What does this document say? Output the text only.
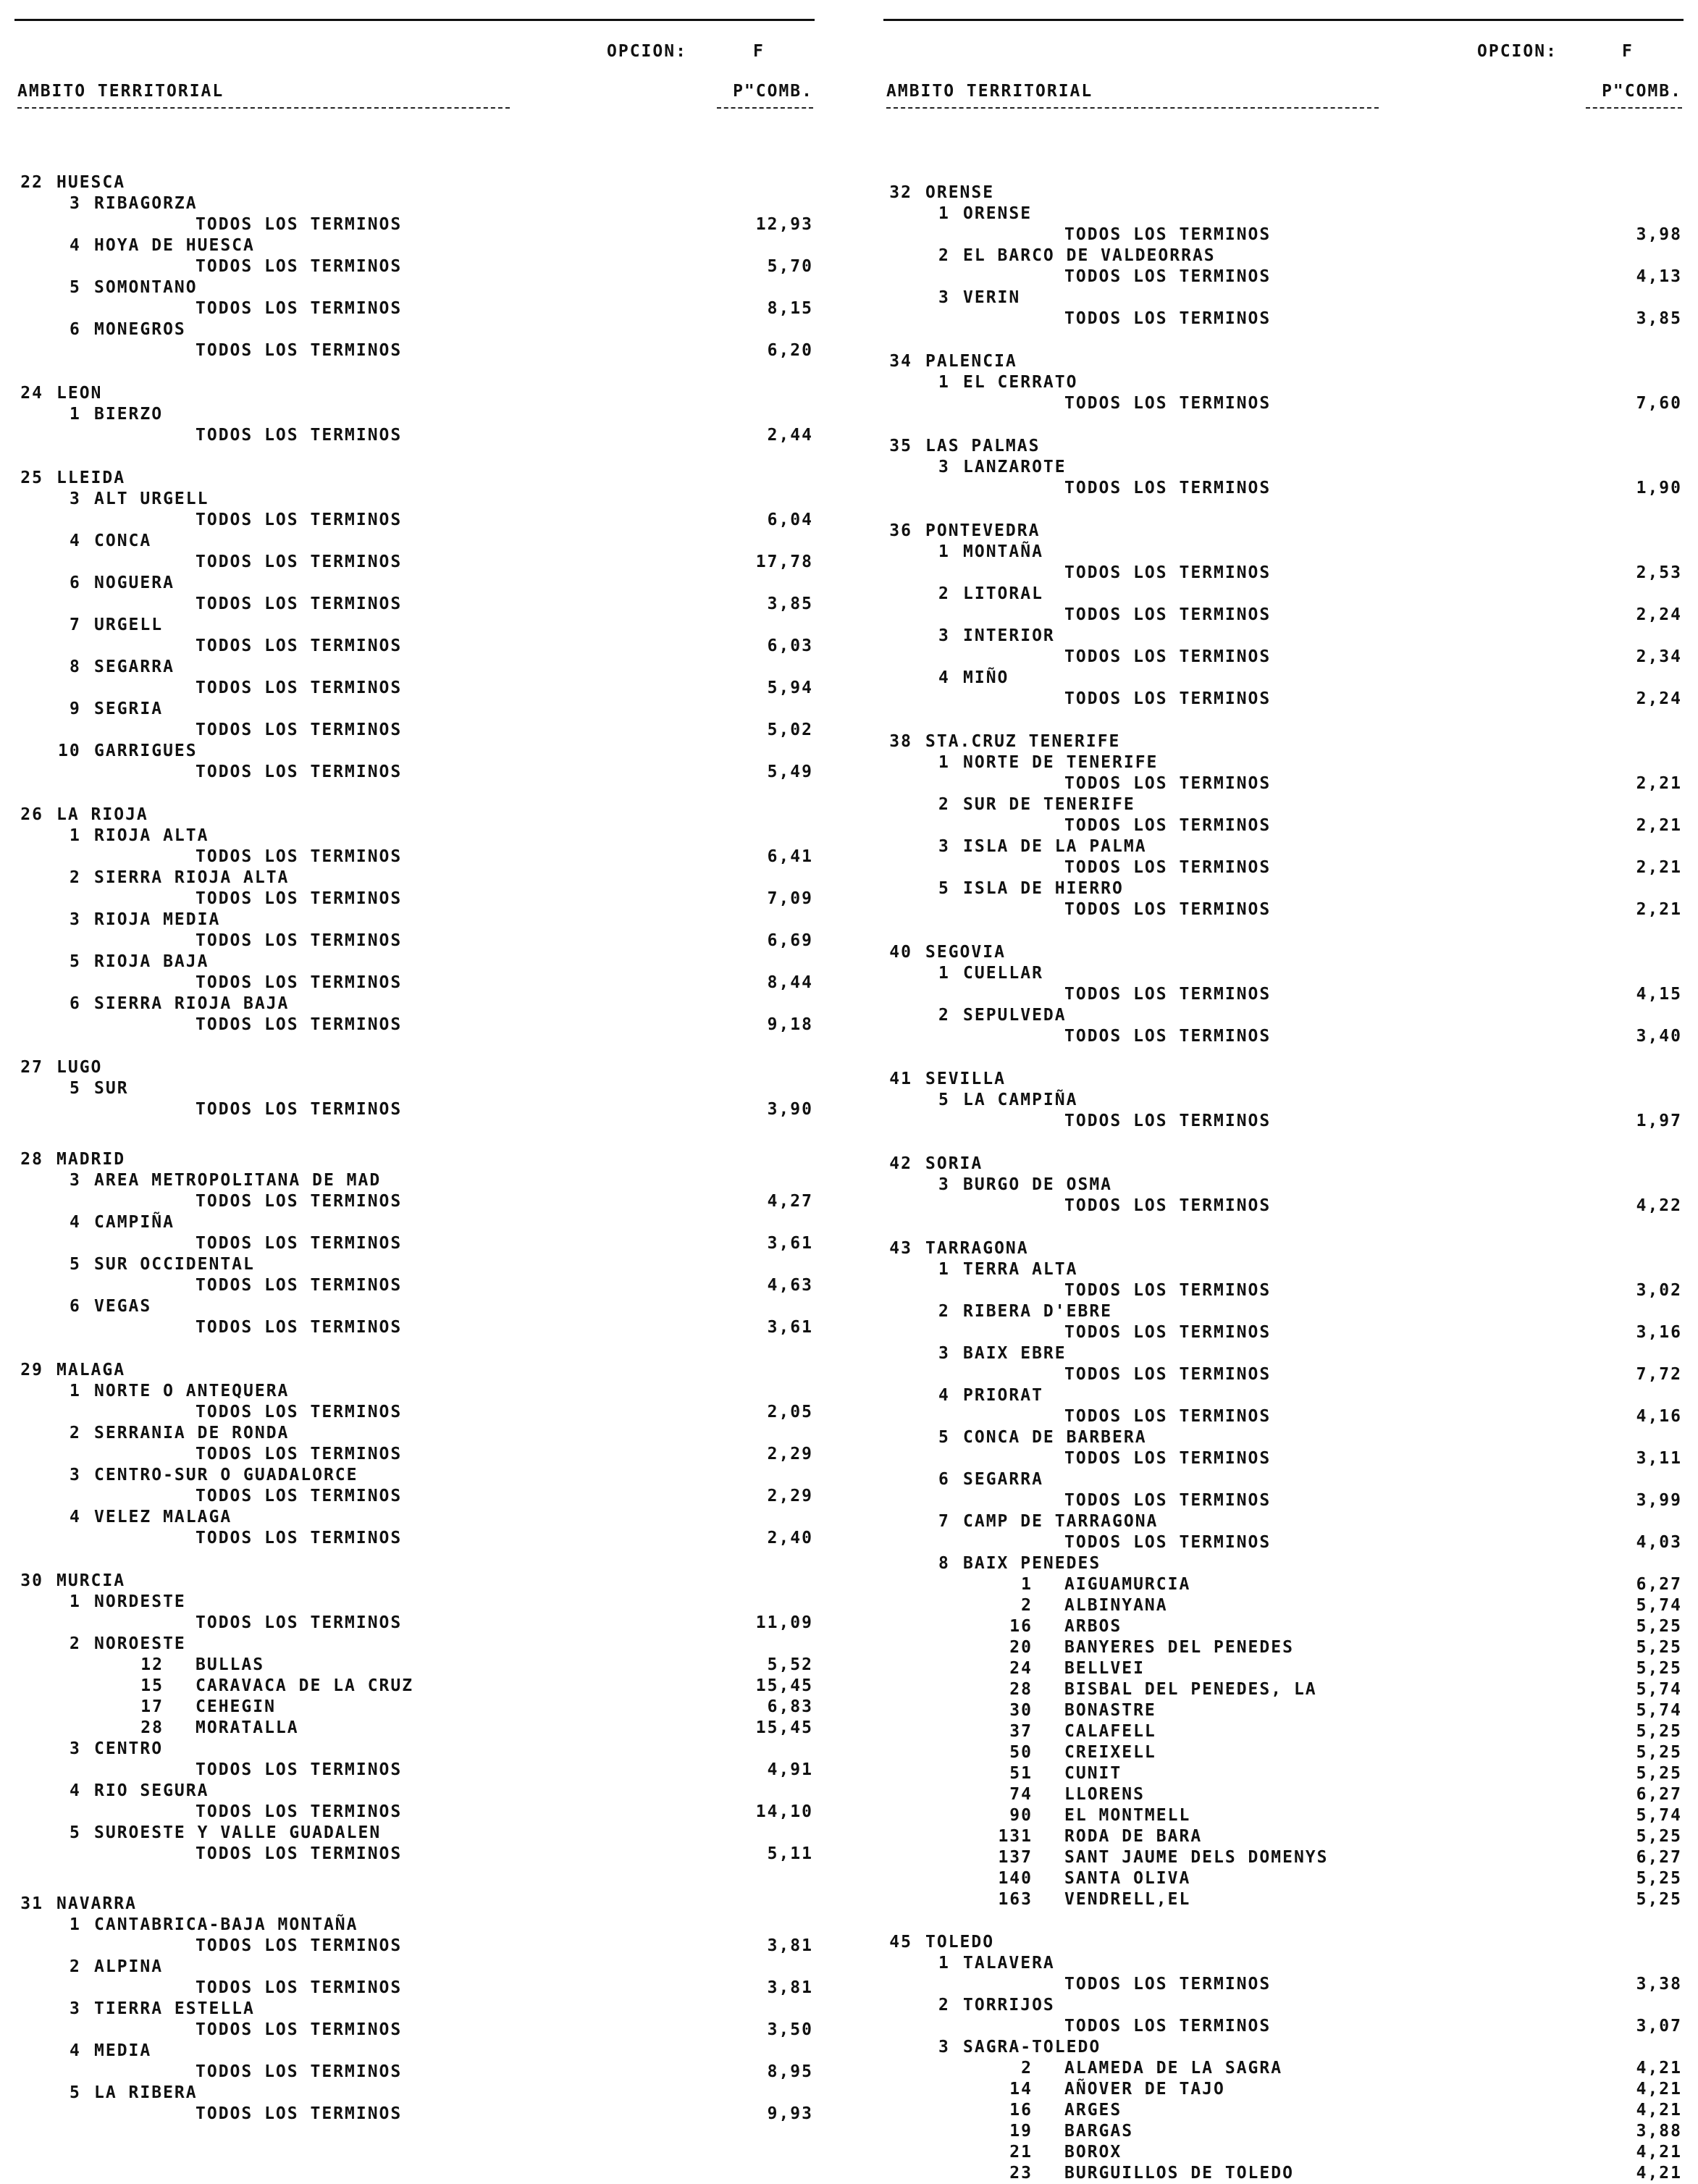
OPCION:	F
AMBITO TERRITORIAL	P"COMB.
22 HUESCA
3 RIBAGORZA
TODOS LOS TERMINOS	12,93
4 HOYA DE HUESCA
TODOS LOS TERMINOS	5,70
5 SOMONTANO
TODOS LOS TERMINOS	8,15
6 MONEGROS
TODOS LOS TERMINOS	6,20
24 LEON
1 BIERZO
TODOS LOS TERMINOS	2,44
25 LLEIDA
3 ALT URGELL
TODOS LOS TERMINOS	6,04
4 CONCA
TODOS LOS TERMINOS	17,78
6 NOGUERA
TODOS LOS TERMINOS	3,85
7 URGELL
TODOS LOS TERMINOS	6,03
8 SEGARRA
TODOS LOS TERMINOS	5,94
9 SEGRIA
TODOS LOS TERMINOS	5,02
10 GARRIGUES
TODOS LOS TERMINOS	5,49
26 LA RIOJA
1 RIOJA ALTA
TODOS LOS TERMINOS	6,41
2 SIERRA RIOJA ALTA
TODOS LOS TERMINOS	7,09
3 RIOJA MEDIA
TODOS LOS TERMINOS	6,69
5 RIOJA BAJA
TODOS LOS TERMINOS	8,44
6 SIERRA RIOJA BAJA
TODOS LOS TERMINOS	9,18
27 LUGO
5 SUR
TODOS LOS TERMINOS	3,90
28 MADRID
3 AREA METROPOLITANA DE MAD
TODOS LOS TERMINOS	4,27
4 CAMPIÑA
TODOS LOS TERMINOS	3,61
5 SUR OCCIDENTAL
TODOS LOS TERMINOS	4,63
6 VEGAS
TODOS LOS TERMINOS	3,61
29 MALAGA
1 NORTE O ANTEQUERA
TODOS LOS TERMINOS	2,05
2 SERRANIA DE RONDA
TODOS LOS TERMINOS	2,29
3 CENTRO-SUR O GUADALORCE
TODOS LOS TERMINOS	2,29
4 VELEZ MALAGA
TODOS LOS TERMINOS	2,40
30 MURCIA
1 NORDESTE
TODOS LOS TERMINOS	11,09
2 NOROESTE
12 BULLAS	5,52
15 CARAVACA DE LA CRUZ	15,45
17 CEHEGIN	6,83
28 MORATALLA	15,45
3 CENTRO
TODOS LOS TERMINOS	4,91
4 RIO SEGURA
TODOS LOS TERMINOS	14,10
5 SUROESTE Y VALLE GUADALEN
TODOS LOS TERMINOS	5,11
31 NAVARRA
1 CANTABRICA-BAJA MONTAÑA
TODOS LOS TERMINOS	3,81
2 ALPINA
TODOS LOS TERMINOS	3,81
3 TIERRA ESTELLA
TODOS LOS TERMINOS	3,50
4 MEDIA
TODOS LOS TERMINOS	8,95
5 LA RIBERA
TODOS LOS TERMINOS	9,93
OPCION:	F
AMBITO TERRITORIAL	P"COMB.
32 ORENSE
1 ORENSE
TODOS LOS TERMINOS	3,98
2 EL BARCO DE VALDEORRAS
TODOS LOS TERMINOS	4,13
3 VERIN
TODOS LOS TERMINOS	3,85
34 PALENCIA
1 EL CERRATO
TODOS LOS TERMINOS	7,60
35 LAS PALMAS
3 LANZAROTE
TODOS LOS TERMINOS	1,90
36 PONTEVEDRA
1 MONTAÑA
TODOS LOS TERMINOS	2,53
2 LITORAL
TODOS LOS TERMINOS	2,24
3 INTERIOR
TODOS LOS TERMINOS	2,34
4 MIÑO
TODOS LOS TERMINOS	2,24
38 STA.CRUZ TENERIFE
1 NORTE DE TENERIFE
TODOS LOS TERMINOS	2,21
2 SUR DE TENERIFE
TODOS LOS TERMINOS	2,21
3 ISLA DE LA PALMA
TODOS LOS TERMINOS	2,21
5 ISLA DE HIERRO
TODOS LOS TERMINOS	2,21
40 SEGOVIA
1 CUELLAR
TODOS LOS TERMINOS	4,15
2 SEPULVEDA
TODOS LOS TERMINOS	3,40
41 SEVILLA
5 LA CAMPIÑA
TODOS LOS TERMINOS	1,97
42 SORIA
3 BURGO DE OSMA
TODOS LOS TERMINOS	4,22
43 TARRAGONA
1 TERRA ALTA
TODOS LOS TERMINOS	3,02
2 RIBERA D'EBRE
TODOS LOS TERMINOS	3,16
3 BAIX EBRE
TODOS LOS TERMINOS	7,72
4 PRIORAT
TODOS LOS TERMINOS	4,16
5 CONCA DE BARBERA
TODOS LOS TERMINOS	3,11
6 SEGARRA
TODOS LOS TERMINOS	3,99
7 CAMP DE TARRAGONA
TODOS LOS TERMINOS	4,03
8 BAIX PENEDES
1 AIGUAMURCIA	6,27
2 ALBINYANA	5,74
16 ARBOS	5,25
20 BANYERES DEL PENEDES	5,25
24 BELLVEI	5,25
28 BISBAL DEL PENEDES, LA	5,74
30 BONASTRE	5,74
37 CALAFELL	5,25
50 CREIXELL	5,25
51 CUNIT	5,25
74 LLORENS	6,27
90 EL MONTMELL	5,74
131 RODA DE BARA	5,25
137 SANT JAUME DELS DOMENYS	6,27
140 SANTA OLIVA	5,25
163 VENDRELL,EL	5,25
45 TOLEDO
1 TALAVERA
TODOS LOS TERMINOS	3,38
2 TORRIJOS
TODOS LOS TERMINOS	3,07
3 SAGRA-TOLEDO
2 ALAMEDA DE LA SAGRA	4,21
14 AÑOVER DE TAJO	4,21
16 ARGES	4,21
19 BARGAS	3,88
21 BOROX	4,21
23 BURGUILLOS DE TOLEDO	4,21
